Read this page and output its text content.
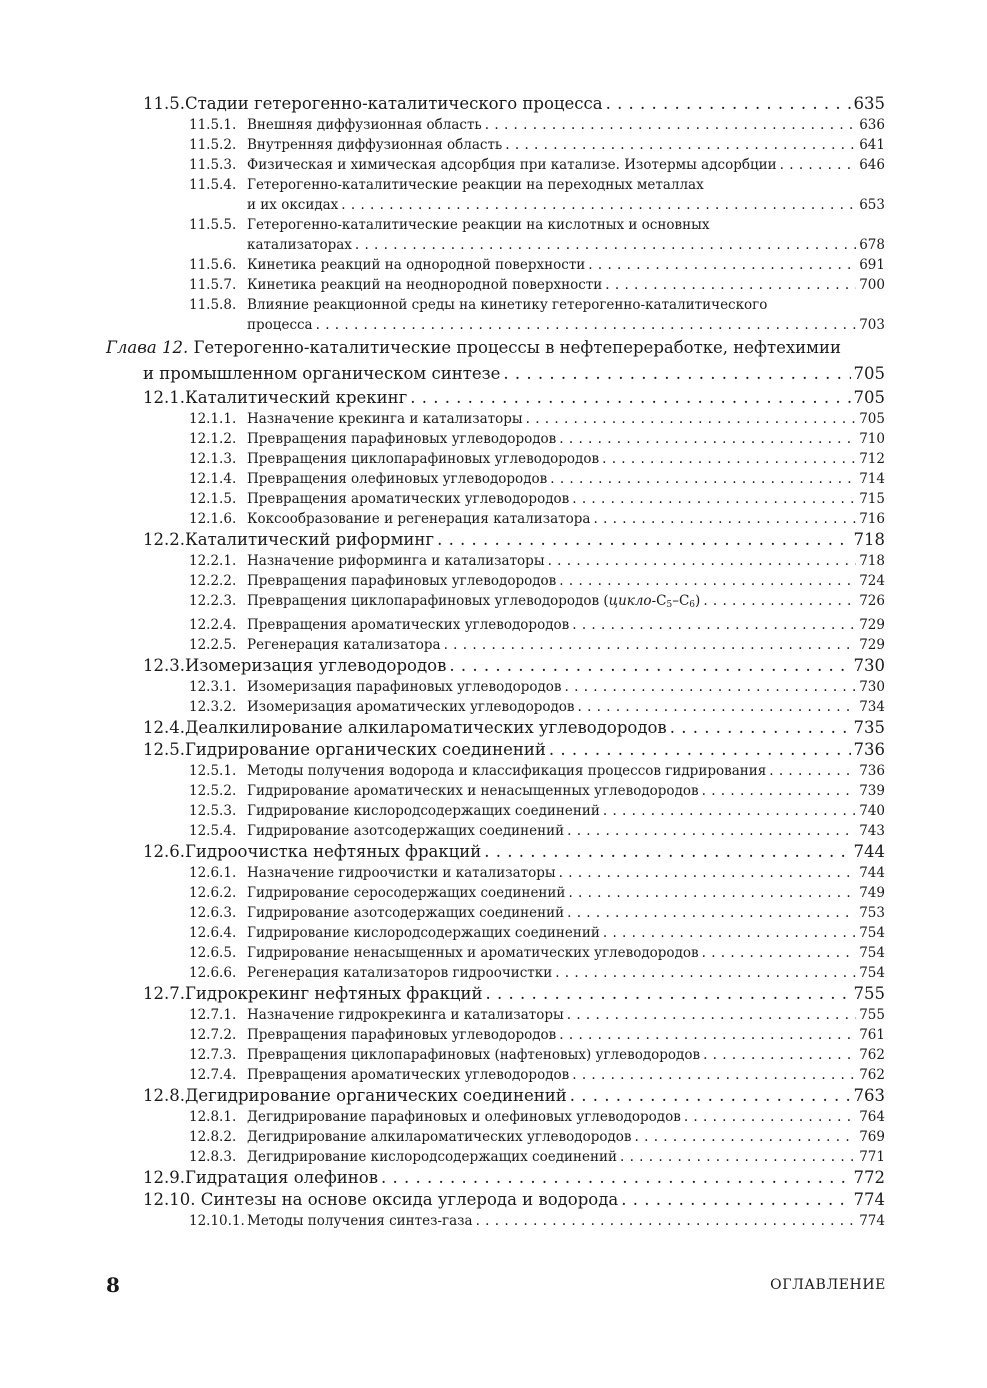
11.5.Стадии гетерогенно-каталитического процесса . . .	635
11.5.1. Внешняя диффузионная область . . .	636
11.5.2. Внутренняя диффузионная область . . .	641
11.5.3. Физическая и химическая адсорбция при катализе. Изотермы адсорбции . . .	646
11.5.4. Гетерогенно-каталитические реакции на переходных металлах
и их оксидах . . .	653
11.5.5. Гетерогенно-каталитические реакции на кислотных и основных
катализаторах . . .	678
11.5.6. Кинетика реакций на однородной поверхности . . .	691
11.5.7. Кинетика реакций на неоднородной поверхности . . .	700
11.5.8. Влияние реакционной среды на кинетику гетерогенно-каталитического
процесса . . .	703
Глава 12. Гетерогенно-каталитические процессы в нефтепереработке, нефтехимии
и промышленном органическом синтезе . . .	705
12.1.Каталитический крекинг . . .	705
12.1.1. Назначение крекинга и катализаторы . . .	705
12.1.2. Превращения парафиновых углеводородов . . .	710
12.1.3. Превращения циклопарафиновых углеводородов . . .	712
12.1.4. Превращения олефиновых углеводородов . . .	714
12.1.5. Превращения ароматических углеводородов . . .	715
12.1.6. Коксообразование и регенерация катализатора . . .	716
12.2.Каталитический риформинг . . .	718
12.2.1. Назначение риформинга и катализаторы . . .	718
12.2.2. Превращения парафиновых углеводородов . . .	724
12.2.3. Превращения циклопарафиновых углеводородов $(цикло-C_5-C_6)$ . . .	726
12.2.4. Превращения ароматических углеводородов . . .	729
12.2.5. Регенерация катализатора . . .	729
12.3.Изомеризация углеводородов . . .	730
12.3.1. Изомеризация парафиновых углеводородов . . .	730
12.3.2. Изомеризация ароматических углеводородов . . .	734
12.4.Деалкилирование алкилароматических углеводородов . . .	735
12.5.Гидрирование органических соединений . . .	736
12.5.1. Методы получения водорода и классификация процессов гидрирования . . .	736
12.5.2. Гидрирование ароматических и ненасыщенных углеводородов . . .	739
12.5.3. Гидрирование кислородсодержащих соединений . . .	740
12.5.4. Гидрирование азотсодержащих соединений . . .	743
12.6.Гидроочистка нефтяных фракций . . .	744
12.6.1. Назначение гидроочистки и катализаторы . . .	744
12.6.2. Гидрирование серосодержащих соединений . . .	749
12.6.3. Гидрирование азотсодержащих соединений . . .	753
12.6.4. Гидрирование кислородсодержащих соединений . . .	754
12.6.5. Гидрирование ненасыщенных и ароматических углеводородов . . .	754
12.6.6. Регенерация катализаторов гидроочистки . . .	754
12.7.Гидрокрекинг нефтяных фракций . . .	755
12.7.1. Назначение гидрокрекинга и катализаторы . . .	755
12.7.2. Превращения парафиновых углеводородов . . .	761
12.7.3. Превращения циклопарафиновых (нафтеновых) углеводородов . . .	762
12.7.4. Превращения ароматических углеводородов . . .	762
12.8.Дегидрирование органических соединений . . .	763
12.8.1. Дегидрирование парафиновых и олефиновых углеводородов . . .	764
12.8.2. Дегидрирование алкилароматических углеводородов . . .	769
12.8.3. Дегидрирование кислородсодержащих соединений . . .	771
12.9.Гидратация олефинов . . .	772
12.10. Синтезы на основе оксида углерода и водорода . . .	774
12.10.1. Методы получения синтез-газа . . .	774
8	ОГЛАВЛЕНИЕ
